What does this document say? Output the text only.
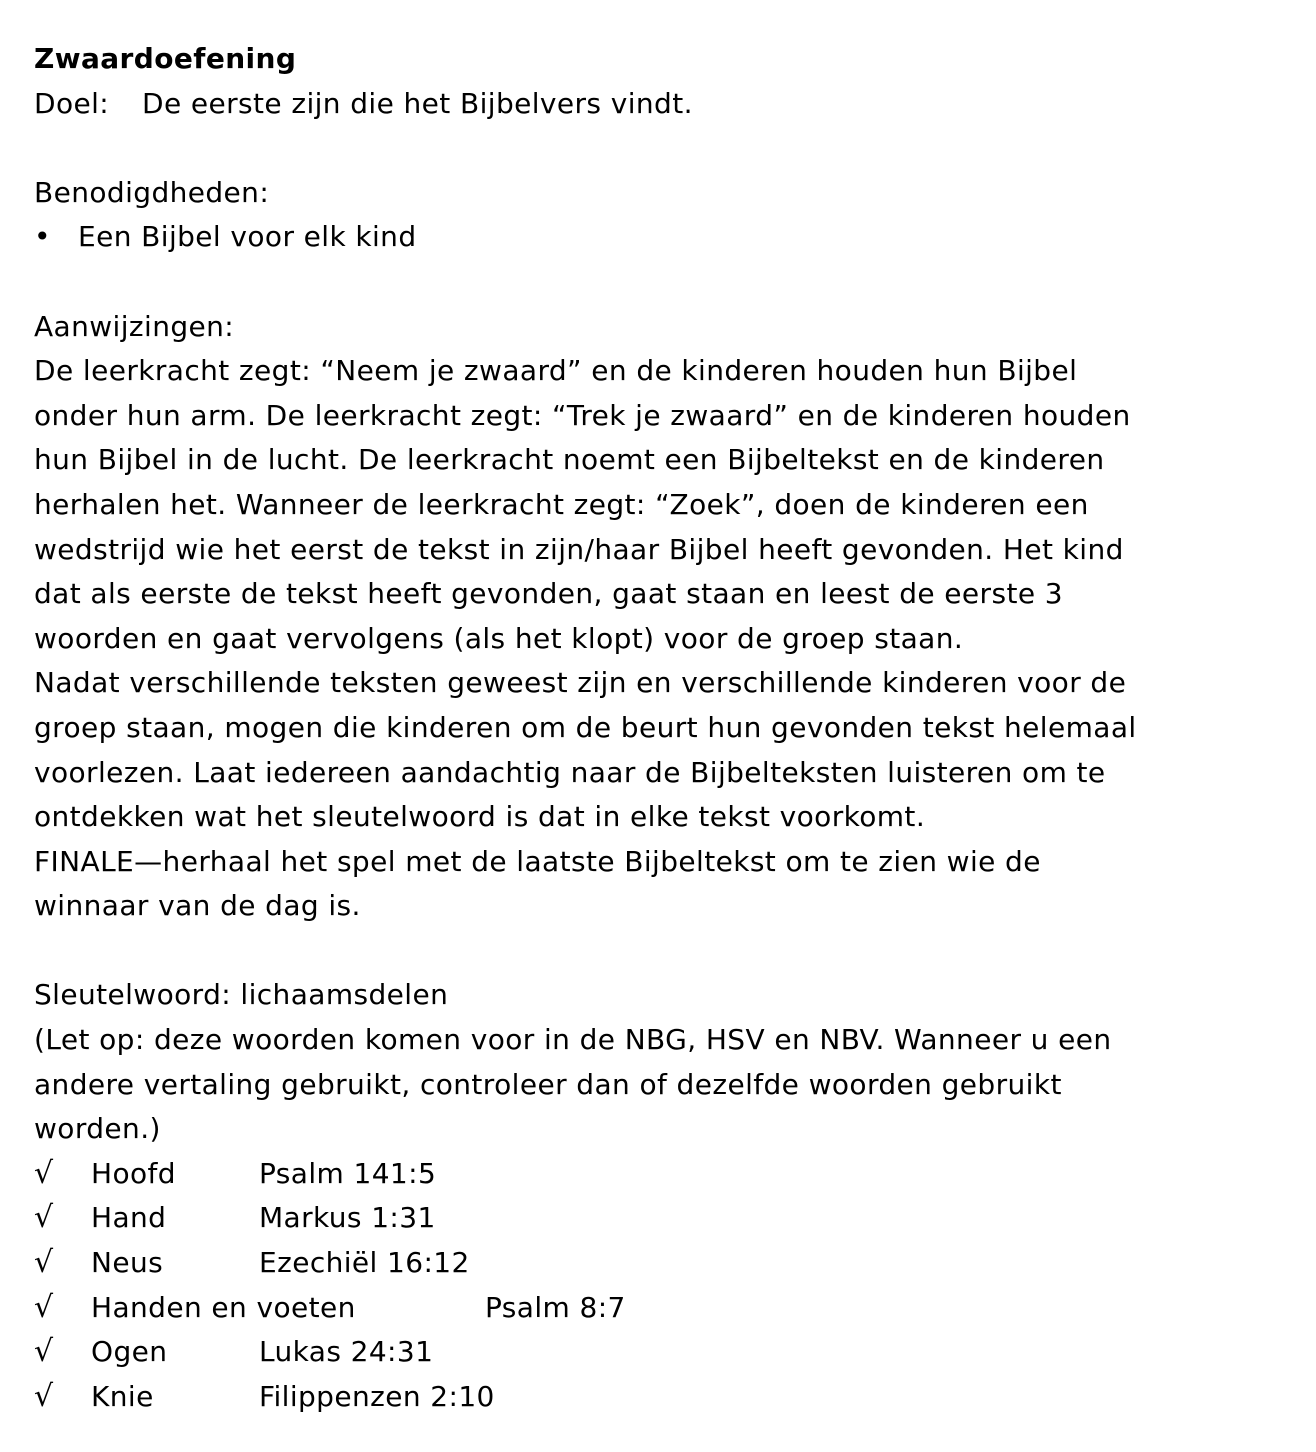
Zwaardoefening
Doel: De eerste zijn die het Bijbelvers vindt.
Benodigdheden:
• Een Bijbel voor elk kind
Aanwijzingen:
De leerkracht zegt: “Neem je zwaard” en de kinderen houden hun Bijbel
onder hun arm. De leerkracht zegt: “Trek je zwaard” en de kinderen houden
hun Bijbel in de lucht. De leerkracht noemt een Bijbeltekst en de kinderen
herhalen het. Wanneer de leerkracht zegt: “Zoek”, doen de kinderen een
wedstrijd wie het eerst de tekst in zijn/haar Bijbel heeft gevonden. Het kind
dat als eerste de tekst heeft gevonden, gaat staan en leest de eerste 3
woorden en gaat vervolgens (als het klopt) voor de groep staan.
Nadat verschillende teksten geweest zijn en verschillende kinderen voor de
groep staan, mogen die kinderen om de beurt hun gevonden tekst helemaal
voorlezen. Laat iedereen aandachtig naar de Bijbelteksten luisteren om te
ontdekken wat het sleutelwoord is dat in elke tekst voorkomt.
FINALE—herhaal het spel met de laatste Bijbeltekst om te zien wie de
winnaar van de dag is.
Sleutelwoord: lichaamsdelen
(Let op: deze woorden komen voor in de NBG, HSV en NBV. Wanneer u een
andere vertaling gebruikt, controleer dan of dezelfde woorden gebruikt
worden.)
√	Hoofd	Psalm 141:5
√	Hand	Markus 1:31
√	Neus	Ezechiël 16:12
√	Handen en voeten	Psalm 8:7
√	Ogen	Lukas 24:31
√	Knie	Filippenzen 2:10
